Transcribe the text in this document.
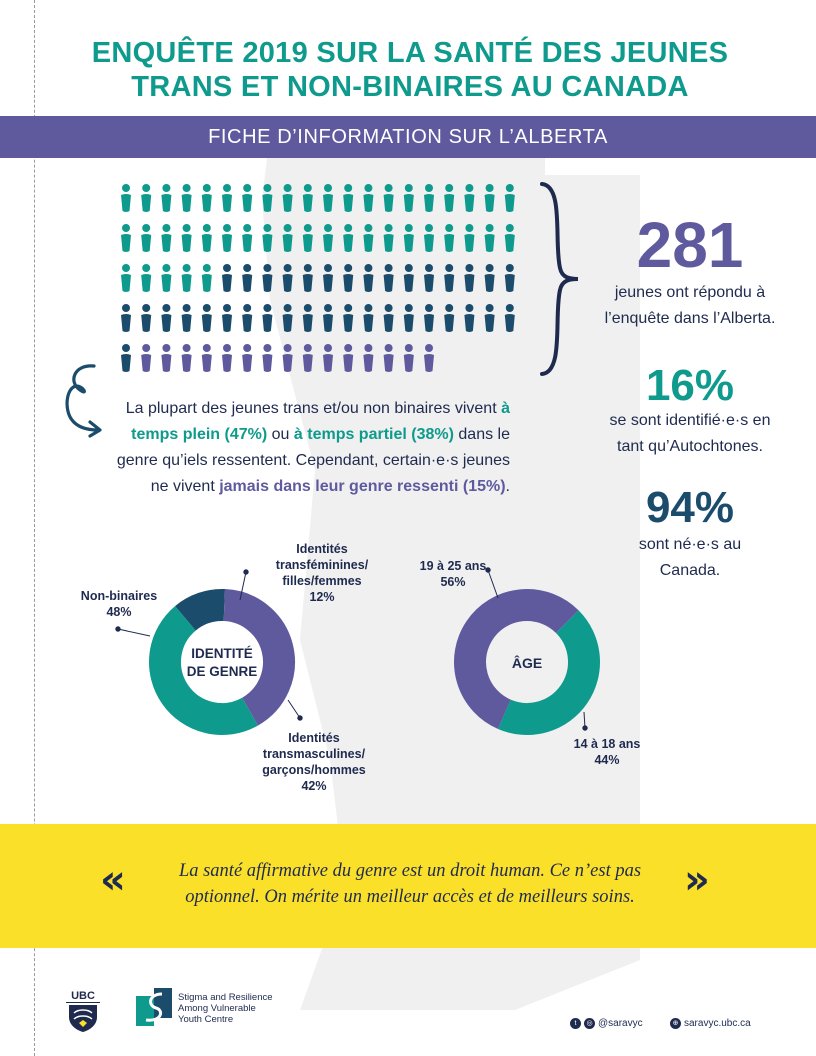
ENQUÊTE 2019 SUR LA SANTÉ DES JEUNES
TRANS ET NON-BINAIRES AU CANADA
FICHE D’INFORMATION SUR L’ALBERTA
281
jeunes ont répondu à
l’enquête dans l’Alberta.
16%
se sont identifié·e·s en
tant qu’Autochtones.
94%
sont né·e·s au
Canada.
La plupart des jeunes trans et/ou non binaires vivent à temps plein (47%) ou à temps partiel (38%) dans le genre qu’iels ressentent. Cependant, certain·e·s jeunes ne vivent jamais dans leur genre ressenti (15%).
IDENTITÉ
DE GENRE
ÂGE
Non-binaires
48%
Identités
transféminines/
filles/femmes
12%
Identités
transmasculines/
garçons/hommes
42%
19 à 25 ans
56%
14 à 18 ans
44%
«	»
La santé affirmative du genre est un droit human. Ce n’est pas
optionnel. On mérite un meilleur accès et de meilleurs soins.
UBC	Stigma and Resilience
Among Vulnerable
Youth Centre	t	◎ @saravyc	⊕ saravyc.ubc.ca
